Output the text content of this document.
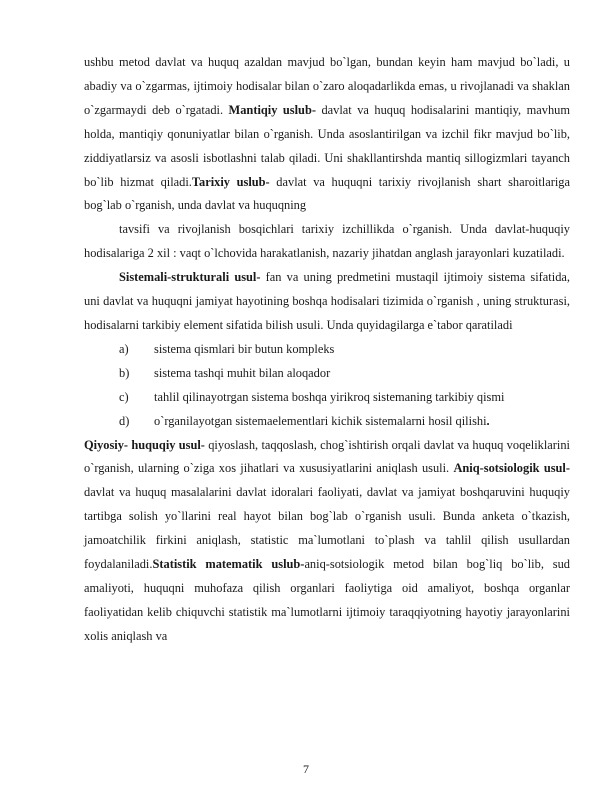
ushbu metod davlat va huquq azaldan mavjud bo`lgan, bundan keyin ham mavjud bo`ladi, u abadiy va o`zgarmas, ijtimoiy hodisalar bilan o`zaro aloqadarlikda emas, u rivojlanadi va shaklan o`zgarmaydi deb o`rgatadi. Mantiqiy uslub- davlat va huquq hodisalarini mantiqiy, mavhum holda, mantiqiy qonuniyatlar bilan o`rganish. Unda asoslantirilgan va izchil fikr mavjud bo`lib, ziddiyatlarsiz va asosli isbotlashni talab qiladi. Uni shakllantirshda mantiq sillogizmlari tayanch bo`lib hizmat qiladi.Tarixiy uslub- davlat va huquqni tarixiy rivojlanish shart sharoitlariga bog`lab o`rganish, unda davlat va huquqning

tavsifi va rivojlanish bosqichlari tarixiy izchillikda o`rganish. Unda davlat-huquqiy hodisalariga 2 xil : vaqt o`lchovida harakatlanish, nazariy jihatdan anglash jarayonlari kuzatiladi.

Sistemali-strukturali usul- fan va uning predmetini mustaqil ijtimoiy sistema sifatida, uni davlat va huquqni jamiyat hayotining boshqa hodisalari tizimida o`rganish , uning strukturasi, hodisalarni tarkibiy element sifatida bilish usuli. Unda quyidagilarga e`tabor qaratiladi

a)	sistema qismlari bir butun kompleks
b)	sistema tashqi muhit bilan aloqador
c)	tahlil qilinayotrgan sistema boshqa yirikroq sistemaning tarkibiy qismi
d)	o`rganilayotgan sistemaelementlari kichik sistemalarni hosil qilishi.

Qiyosiy- huquqiy usul- qiyoslash, taqqoslash, chog`ishtirish orqali davlat va huquq voqeliklarini o`rganish, ularning o`ziga xos jihatlari va xususiyatlarini aniqlash usuli. Aniq-sotsiologik usul- davlat va huquq masalalarini davlat idoralari faoliyati, davlat va jamiyat boshqaruvini huquqiy tartibga solish yo`llarini real hayot bilan bog`lab o`rganish usuli. Bunda anketa o`tkazish, jamoatchilik firkini aniqlash, statistic ma`lumotlani to`plash va tahlil qilish usullardan foydalaniladi.Statistik matematik uslub-aniq-sotsiologik metod bilan bog`liq bo`lib, sud amaliyoti, huquqni muhofaza qilish organlari faoliytiga oid amaliyot, boshqa organlar faoliyatidan kelib chiquvchi statistik ma`lumotlarni ijtimoiy taraqqiyotning hayotiy jarayonlarini xolis aniqlash va

7
